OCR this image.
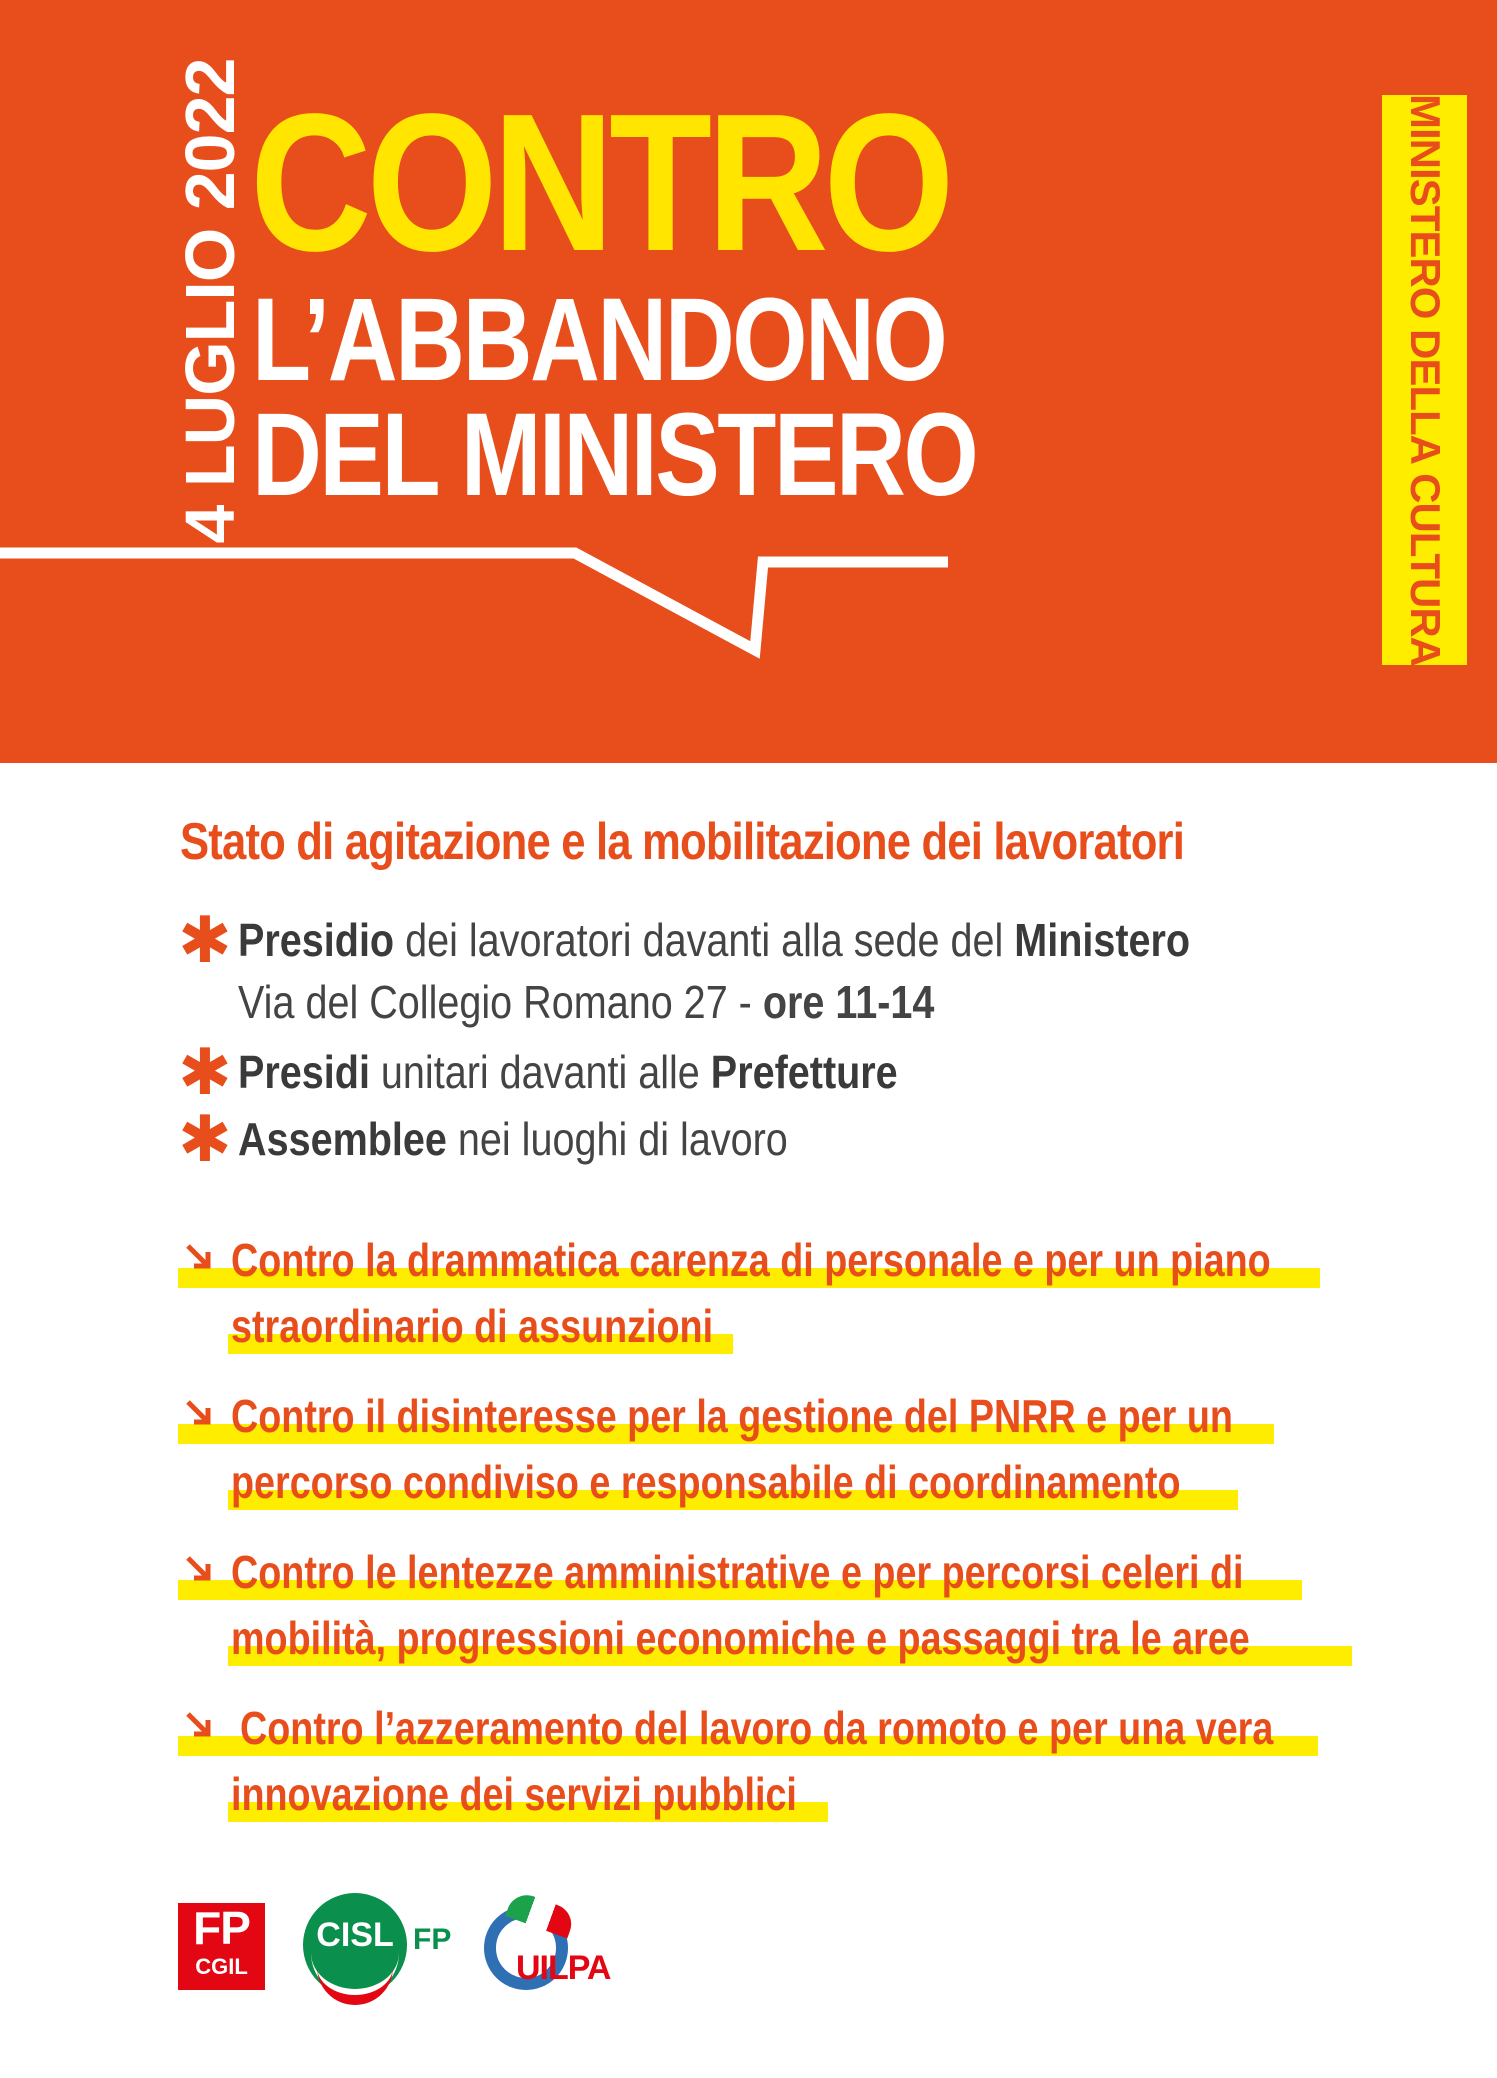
4 LUGLIO 2022 CONTRO
L’ABBANDONO
DEL MINISTERO	MINISTERO DELLA CULTURA
Stato di agitazione e la mobilitazione dei lavoratori
✱ Presidio dei lavoratori davanti alla sede del Ministero
Via del Collegio Romano 27 - ore 11-14
✱ Presidi unitari davanti alle Prefetture
✱ Assemblee nei luoghi di lavoro
Contro la drammatica carenza di personale e per un piano
straordinario di assunzioni
Contro il disinteresse per la gestione del PNRR e per un
percorso condiviso e responsabile di coordinamento
Contro le lentezze amministrative e per percorsi celeri di
mobilità, progressioni economiche e passaggi tra le aree
Contro l’azzeramento del lavoro da romoto e per una vera
innovazione dei servizi pubblici
FP
CGIL
CISL FP
UILPA
